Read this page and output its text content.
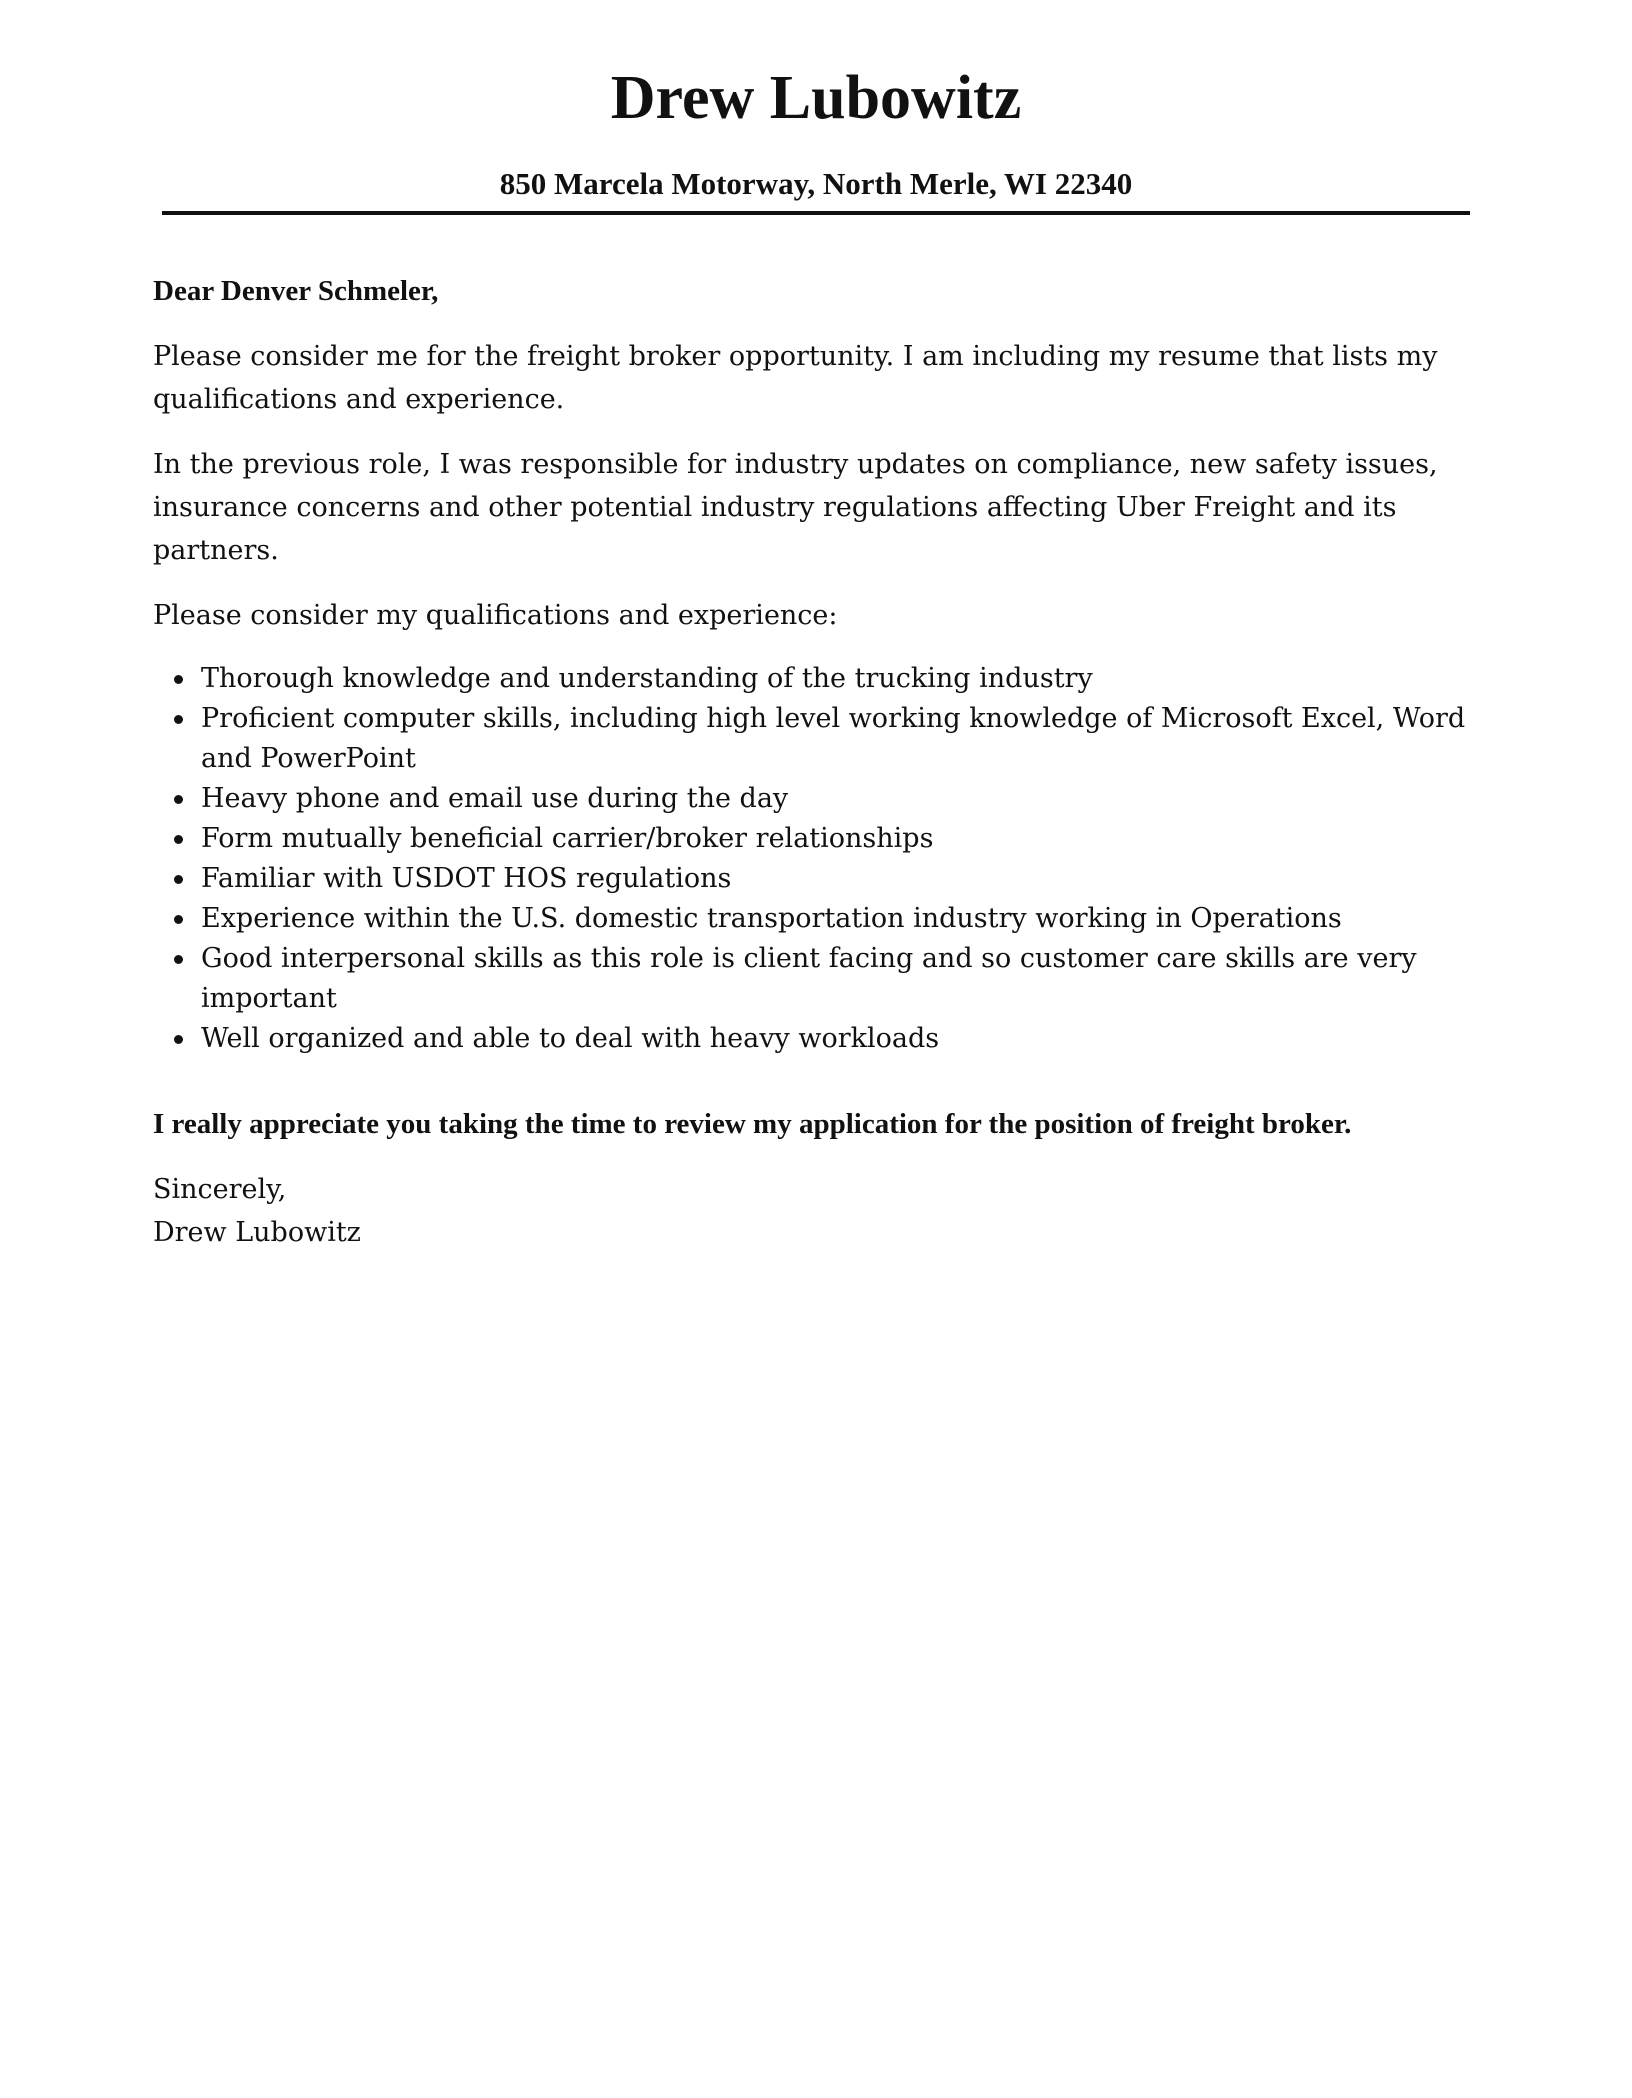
Drew Lubowitz
850 Marcela Motorway, North Merle, WI 22340

Dear Denver Schmeler,

Please consider me for the freight broker opportunity. I am including my resume that lists my qualifications and experience.

In the previous role, I was responsible for industry updates on compliance, new safety issues, insurance concerns and other potential industry regulations affecting Uber Freight and its partners.

Please consider my qualifications and experience:

Thorough knowledge and understanding of the trucking industry
Proficient computer skills, including high level working knowledge of Microsoft Excel, Word and PowerPoint
Heavy phone and email use during the day
Form mutually beneficial carrier/broker relationships
Familiar with USDOT HOS regulations
Experience within the U.S. domestic transportation industry working in Operations
Good interpersonal skills as this role is client facing and so customer care skills are very important
Well organized and able to deal with heavy workloads

I really appreciate you taking the time to review my application for the position of freight broker.

Sincerely,

Drew Lubowitz
